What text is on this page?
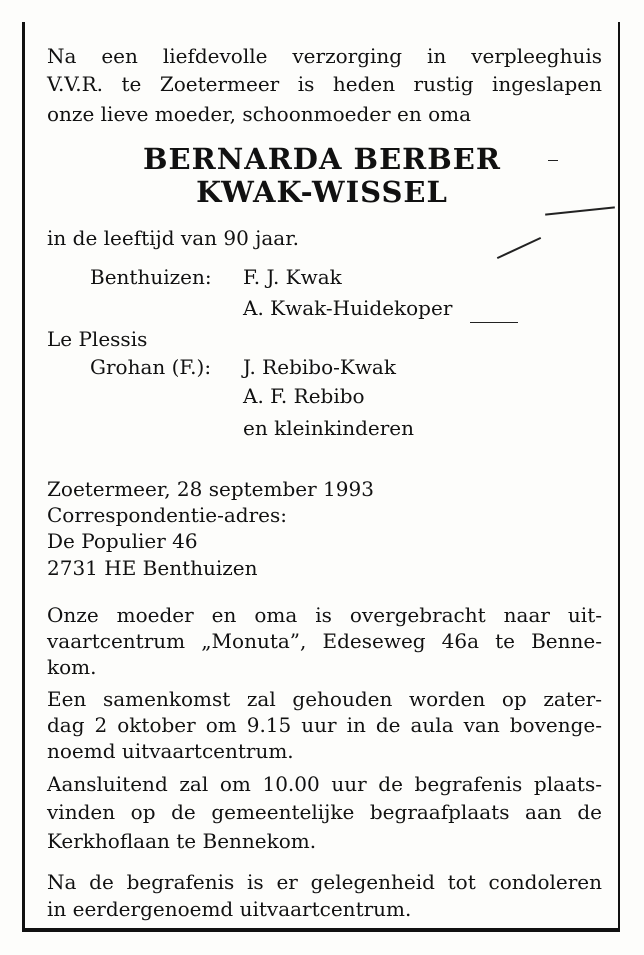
Na een liefdevolle verzorging in verpleeghuis
V.V.R. te Zoetermeer is heden rustig ingeslapen
onze lieve moeder, schoonmoeder en oma
BERNARDA BERBER
KWAK-WISSEL
in de leeftijd van 90 jaar.
Benthuizen: F. J. Kwak
A. Kwak-Huidekoper
Le Plessis
Grohan (F.): J. Rebibo-Kwak
A. F. Rebibo
en kleinkinderen
Zoetermeer, 28 september 1993
Correspondentie-adres:
De Populier 46
2731 HE Benthuizen
Onze moeder en oma is overgebracht naar uit-
vaartcentrum „Monuta”, Edeseweg 46a te Benne-
kom.
Een samenkomst zal gehouden worden op zater-
dag 2 oktober om 9.15 uur in de aula van bovenge-
noemd uitvaartcentrum.
Aansluitend zal om 10.00 uur de begrafenis plaats-
vinden op de gemeentelijke begraafplaats aan de
Kerkhoflaan te Bennekom.
Na de begrafenis is er gelegenheid tot condoleren
in eerdergenoemd uitvaartcentrum.
